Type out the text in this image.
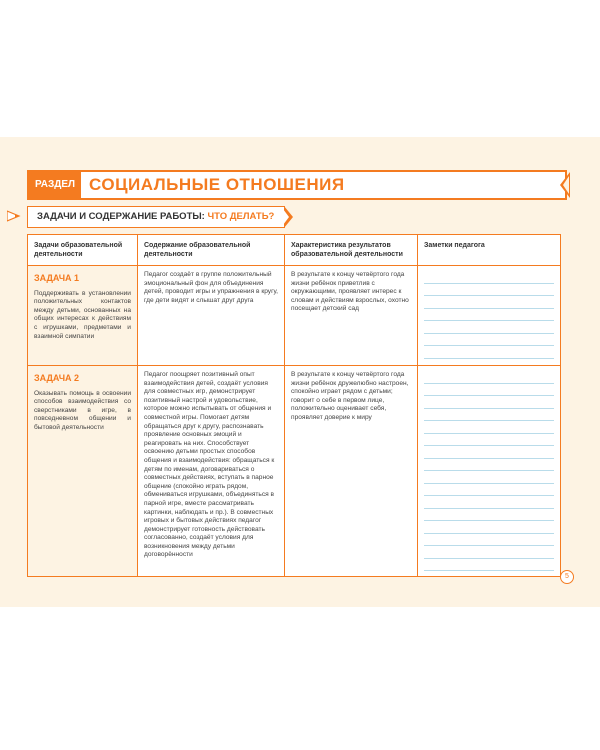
РАЗДЕЛ СОЦИАЛЬНЫЕ ОТНОШЕНИЯ
ЗАДАЧИ И СОДЕРЖАНИЕ РАБОТЫ: ЧТО ДЕЛАТЬ?
Задачи образовательной деятельности	Содержание образовательной деятельности	Характеристика результатов образовательной деятельности	Заметки педагога

ЗАДАЧА 1
Поддерживать в установлении положительных контактов между детьми, основанных на общих интересах к действиям с игрушками, предметами и взаимной симпатии	Педагог создаёт в группе положительный эмоциональный фон для объединения детей, проводит игры и упражнения в кругу, где дети видят и слышат друг друга	В результате к концу четвёртого года жизни ребёнок приветлив с окружающими, проявляет интерес к словам и действиям взрослых, охотно посещает детский сад	

ЗАДАЧА 2
Оказывать помощь в освоении способов взаимодействия со сверстниками в игре, в повседневном общении и бытовой деятельности	Педагог поощряет позитивный опыт взаимодействия детей, создаёт условия для совместных игр, демонстрирует позитивный настрой и удовольствие, которое можно испытывать от общения и совместной игры. Помогает детям обращаться друг к другу, распознавать проявление основных эмоций и реагировать на них. Способствует освоению детьми простых способов общения и взаимодействия: обращаться к детям по именам, договариваться о совместных действиях, вступать в парное общение (спокойно играть рядом, обмениваться игрушками, объединяться в парной игре, вместе рассматривать картинки, наблюдать и пр.). В совместных игровых и бытовых действиях педагог демонстрирует готовность действовать согласованно, создаёт условия для возникновения между детьми договорённости	В результате к концу четвёртого года жизни ребёнок дружелюбно настроен, спокойно играет рядом с детьми; говорит о себе в первом лице, положительно оценивает себя, проявляет доверие к миру	

5
